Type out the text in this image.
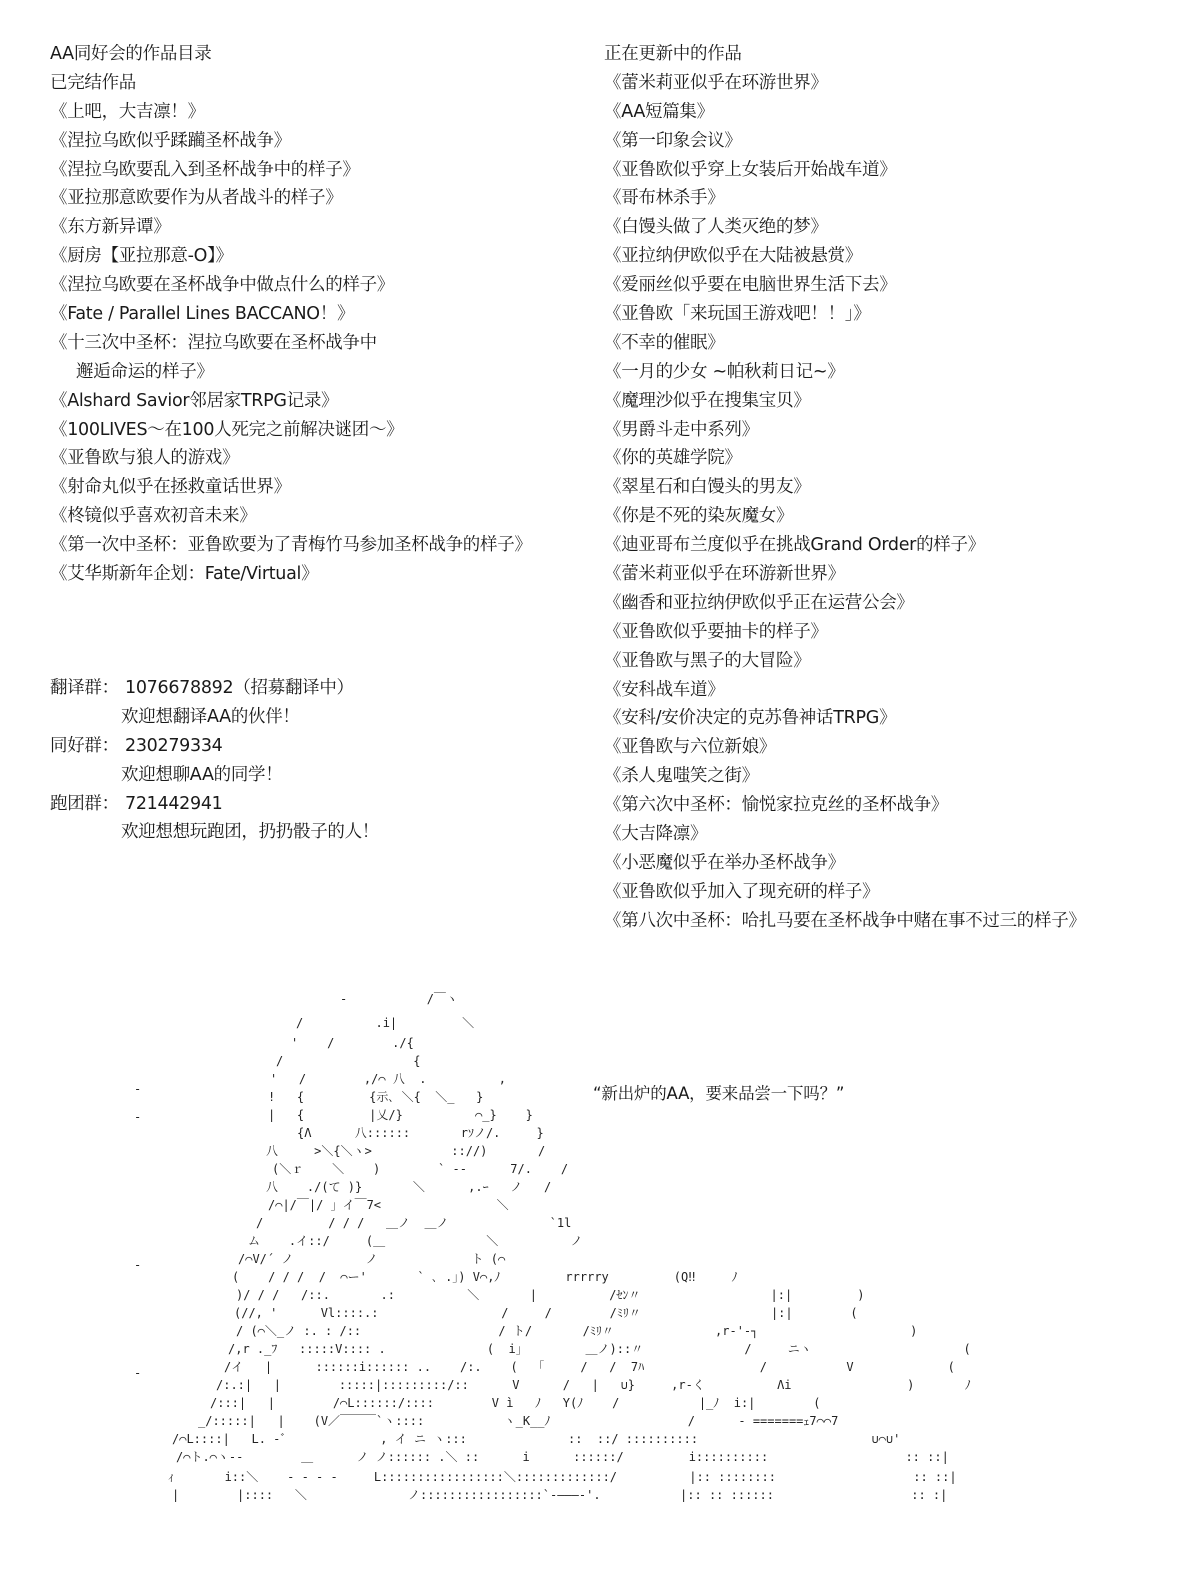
AA同好会的作品目录
已完结作品
《上吧，大吉凛！》
《涅拉乌欧似乎蹂躏圣杯战争》
《涅拉乌欧要乱入到圣杯战争中的样子》
《亚拉那意欧要作为从者战斗的样子》
《东方新异谭》
《厨房【亚拉那意-O】》
《涅拉乌欧要在圣杯战争中做点什么的样子》
《Fate / Parallel Lines BACCANO！》
《十三次中圣杯：涅拉乌欧要在圣杯战争中
邂逅命运的样子》
《Alshard Savior邻居家TRPG记录》
《100LIVES～在100人死完之前解决谜团～》
《亚鲁欧与狼人的游戏》
《射命丸似乎在拯救童话世界》
《柊镜似乎喜欢初音未来》
《第一次中圣杯：亚鲁欧要为了青梅竹马参加圣杯战争的样子》
《艾华斯新年企划：Fate/Virtual》
翻译群： 1076678892（招募翻译中）
欢迎想翻译AA的伙伴！
同好群： 230279334
欢迎想聊AA的同学！
跑团群： 721442941
欢迎想想玩跑团，扔扔骰子的人！
正在更新中的作品
《蕾米莉亚似乎在环游世界》
《AA短篇集》
《第一印象会议》
《亚鲁欧似乎穿上女装后开始战车道》
《哥布林杀手》
《白馒头做了人类灭绝的梦》
《亚拉纳伊欧似乎在大陆被悬赏》
《爱丽丝似乎要在电脑世界生活下去》
《亚鲁欧「来玩国王游戏吧！！」》
《不幸的催眠》
《一月的少女 ~帕秋莉日记~》
《魔理沙似乎在搜集宝贝》
《男爵斗走中系列》
《你的英雄学院》
《翠星石和白馒头的男友》
《你是不死的染灰魔女》
《迪亚哥布兰度似乎在挑战Grand Order的样子》
《蕾米莉亚似乎在环游新世界》
《幽香和亚拉纳伊欧似乎正在运营公会》
《亚鲁欧似乎要抽卡的样子》
《亚鲁欧与黑子的大冒险》
《安科战车道》
《安科/安价决定的克苏鲁神话TRPG》
《亚鲁欧与六位新娘》
《杀人鬼嗤笑之街》
《第六次中圣杯：愉悦家拉克丝的圣杯战争》
《大吉降凛》
《小恶魔似乎在举办圣杯战争》
《亚鲁欧似乎加入了现充研的样子》
《第八次中圣杯：哈扎马要在圣杯战争中赌在事不过三的样子》
-           /￣ヽ
/          .i|         ＼
'    /        ./{
/                  {
'   /        ,/⌒ 八  .          ,
-
!   {         {示､ ＼{  ＼_   }
-	|   {         |乂/}          ⌒_}    }
{Λ      八::::::       rｿノ/.     }
八     >＼{＼ヽ>           :://)       /
(＼ｒ    ＼    )        ` ‐-      7/.    /
八    ./(て )}       ＼      ,.ｰ   ノ   /
/⌒|/￣|/ 」イ￣7<                ＼
/         / / /   ＿ノ  ＿ノ              `1l
ム    .イ::/     (＿              ＼          ノ
-	/⌒V/´ ノ          ノ             ト (⌒
(    / / /  /  ⌒ー'       ` ､ .」) V⌒,ﾉ         rrrrry         (Q‼     ﾉ
)/ / /   /::.       .:          ＼       |          /ｾﾝ〃                  |:|         )
(//, '      Vl::::.:                 /     /        /ﾐﾘ〃                  |:|        (
/ (⌒＼_ノ :. : /::                   / ト/       /ﾐﾘ〃              ,r‐'‐┐                     )
/,r ._ﾌ   :::::V:::: .              (  i」        ＿ノ)::〃              /     ニヽ                     (
-	/イ   |      ::::::i:::::: ..    /:.    (  「     /   /  7ﾊ                /           V             (
/:.:|   |        :::::|:::::::::/::      V      /   |   ∪}     ,r‐く          Λi                )       ﾉ
/:::|   |        /⌒L::::::/::::        V ì   ﾉ   Y(ﾉ    /           |_ﾉ  i:|        (
_/:::::|   |    (V／￣￣￣`ヽ::::           ヽ_K__ﾉ                   /      ‐ =======ｪ7⌒⌒7
/⌒L::::|   L. ‐ﾞ             , イ ニ ヽ:::              ::  ::/ ::::::::::                        ∪⌒∪'
/⌒ト.⌒ヽ‐‐        ＿      ノ ノ:::::: .＼ ::      i      ::::::/         i::::::::::                   :: ::|
ｨ       i::＼    ‐ ‐ ‐ ‐     L:::::::::::::::::＼:::::::::::::/          |:: ::::::::                   :: ::|
|        |::::   ＼              ノ:::::::::::::::::`‐―――‐'.           |:: :: ::::::                   :: :|
“新出炉的AA，要来品尝一下吗？”
